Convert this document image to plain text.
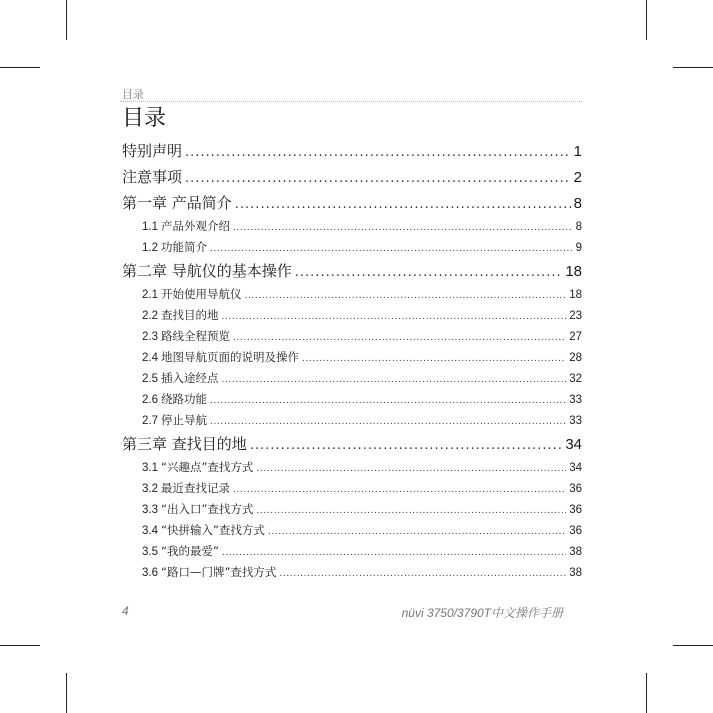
目录
目录
特别声明 .....	1
注意事项 .....	2
第一章 产品简介 .....	8
1.1 产品外观介绍 .....	8
1.2 功能简介 .....	9
第二章 导航仪的基本操作 .....	18
2.1 开始使用导航仪 .....	18
2.2 查找目的地 .....	23
2.3 路线全程预览 .....	27
2.4 地图导航页面的说明及操作 .....	28
2.5 插入途经点 .....	32
2.6 绕路功能 .....	33
2.7 停止导航 .....	33
第三章 查找目的地 .....	34
3.1 “兴趣点”查找方式 .....	34
3.2 最近查找记录 .....	36
3.3 “出入口”查找方式 .....	36
3.4 “快拼输入”查找方式 .....	36
3.5 “我的最爱” .....	38
3.6 “路口—门牌”查找方式 .....	38
4	nüvi 3750/3790T中文操作手册
